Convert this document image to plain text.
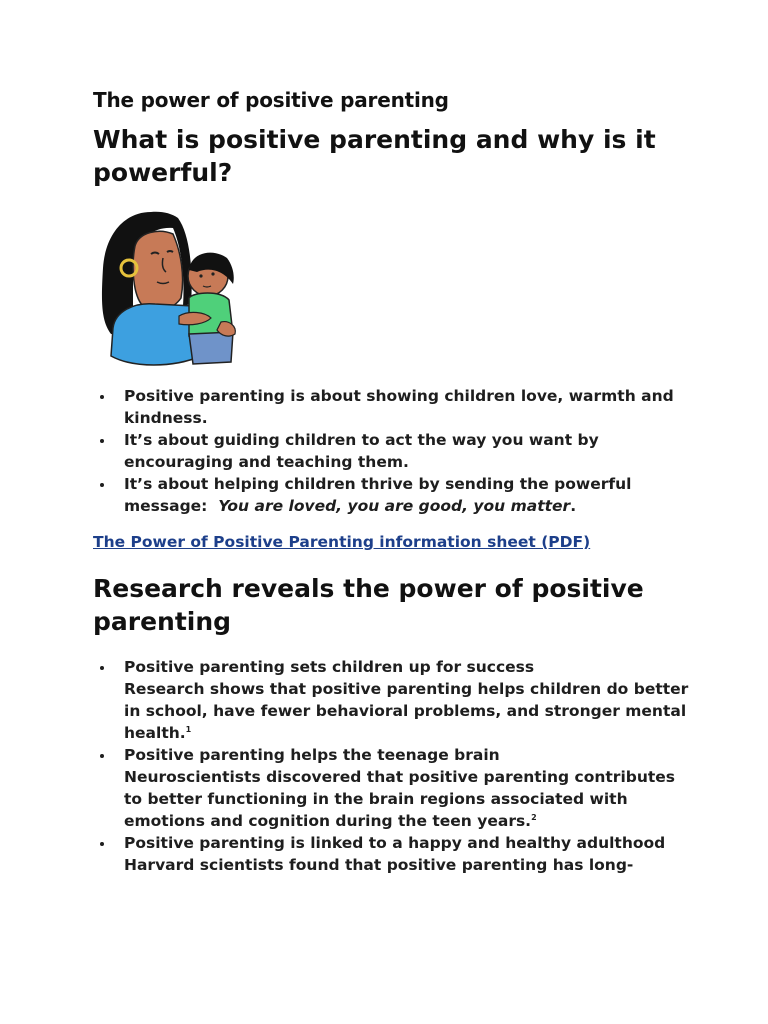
The power of positive parenting
What is positive parenting and why is it powerful?
Positive parenting is about showing children love, warmth and kindness.
It’s about guiding children to act the way you want by encouraging and teaching them.
It’s about helping children thrive by sending the powerful message: You are loved, you are good, you matter.
The Power of Positive Parenting information sheet (PDF)
Research reveals the power of positive parenting
Positive parenting sets children up for success
Research shows that positive parenting helps children do better in school, have fewer behavioral problems, and stronger mental health.$^1$
Positive parenting helps the teenage brain
Neuroscientists discovered that positive parenting contributes to better functioning in the brain regions associated with emotions and cognition during the teen years.$^2$
Positive parenting is linked to a happy and healthy adulthood
Harvard scientists found that positive parenting has long-
